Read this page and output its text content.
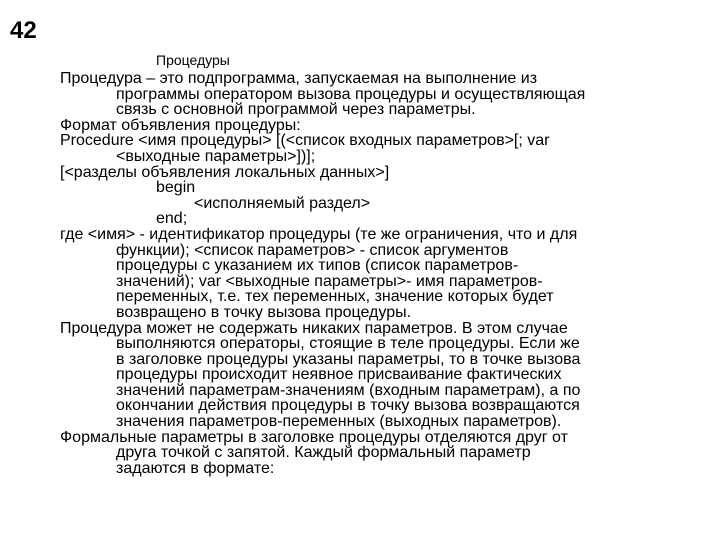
42
Процедуры
Процедура – это подпрограмма, запускаемая на выполнение из
программы оператором вызова процедуры и осуществляющая
связь с основной программой через параметры.
Формат объявления процедуры:
Procedure <имя процедуры> [(<список входных параметров>[; var
<выходные параметры>])];
[<разделы объявления локальных данных>]
begin
<исполняемый раздел>
end;
где <имя> - идентификатор процедуры (те же ограничения, что и для
функции); <список параметров> - список аргументов
процедуры с указанием их типов (список параметров-
значений); var <выходные параметры>- имя параметров-
переменных, т.е. тех переменных, значение которых будет
возвращено в точку вызова процедуры.
Процедура может не содержать никаких параметров. В этом случае
выполняются операторы, стоящие в теле процедуры. Если же
в заголовке процедуры указаны параметры, то в точке вызова
процедуры происходит неявное присваивание фактических
значений параметрам-значениям (входным параметрам), а по
окончании действия процедуры в точку вызова возвращаются
значения параметров-переменных (выходных параметров).
Формальные параметры в заголовке процедуры отделяются друг от
друга точкой с запятой. Каждый формальный параметр
задаются в формате:
